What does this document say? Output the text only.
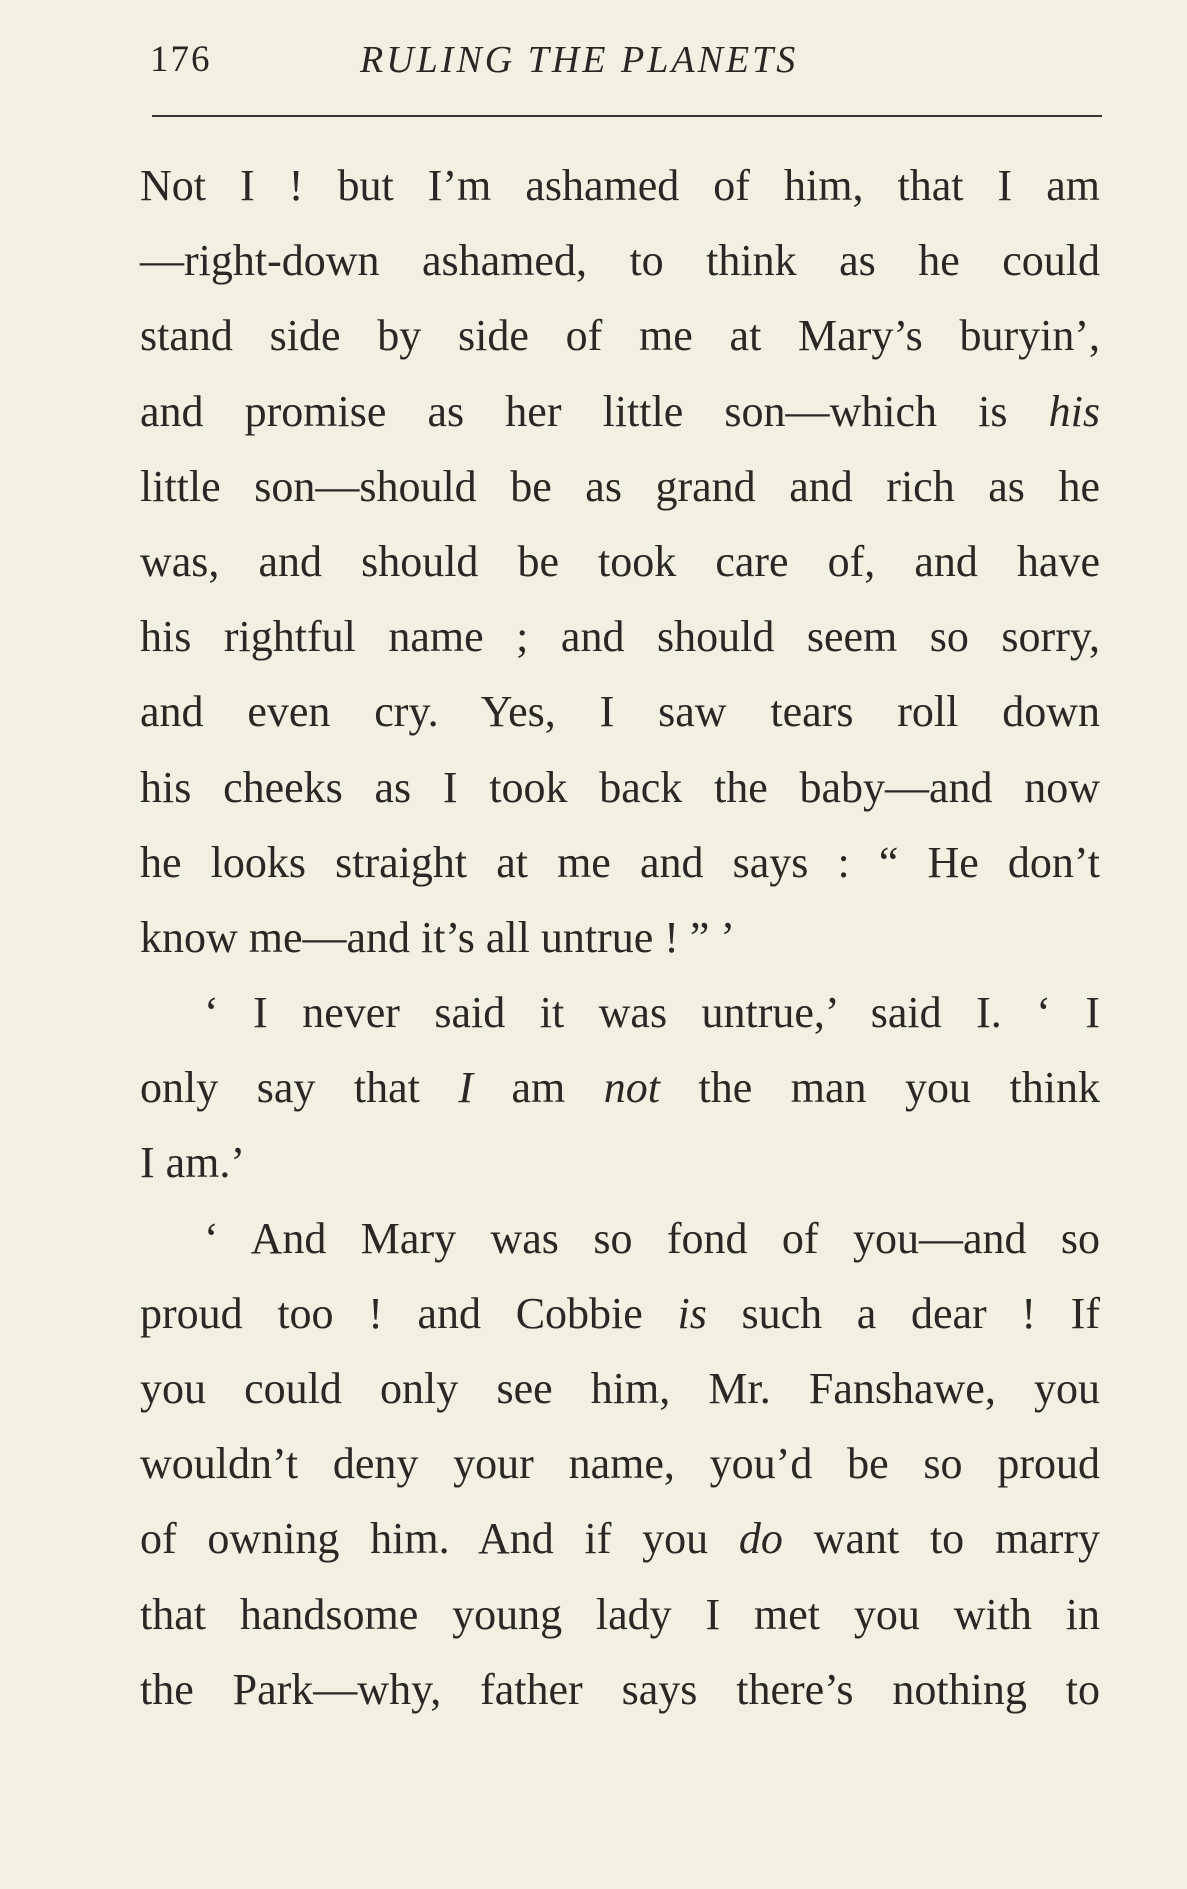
176	RULING THE PLANETS
Not I ! but I’m ashamed of him, that I am
—right-down ashamed, to think as he could
stand side by side of me at Mary’s buryin’,
and promise as her little son—which is his
little son—should be as grand and rich as he
was, and should be took care of, and have
his rightful name ; and should seem so sorry,
and even cry. Yes, I saw tears roll down
his cheeks as I took back the baby—and now
he looks straight at me and says : “ He don’t
know me—and it’s all untrue ! ” ’
‘ I never said it was untrue,’ said I. ‘ I
only say that I am not the man you think
I am.’
‘ And Mary was so fond of you—and so
proud too ! and Cobbie is such a dear ! If
you could only see him, Mr. Fanshawe, you
wouldn’t deny your name, you’d be so proud
of owning him. And if you do want to marry
that handsome young lady I met you with in
the Park—why, father says there’s nothing to
